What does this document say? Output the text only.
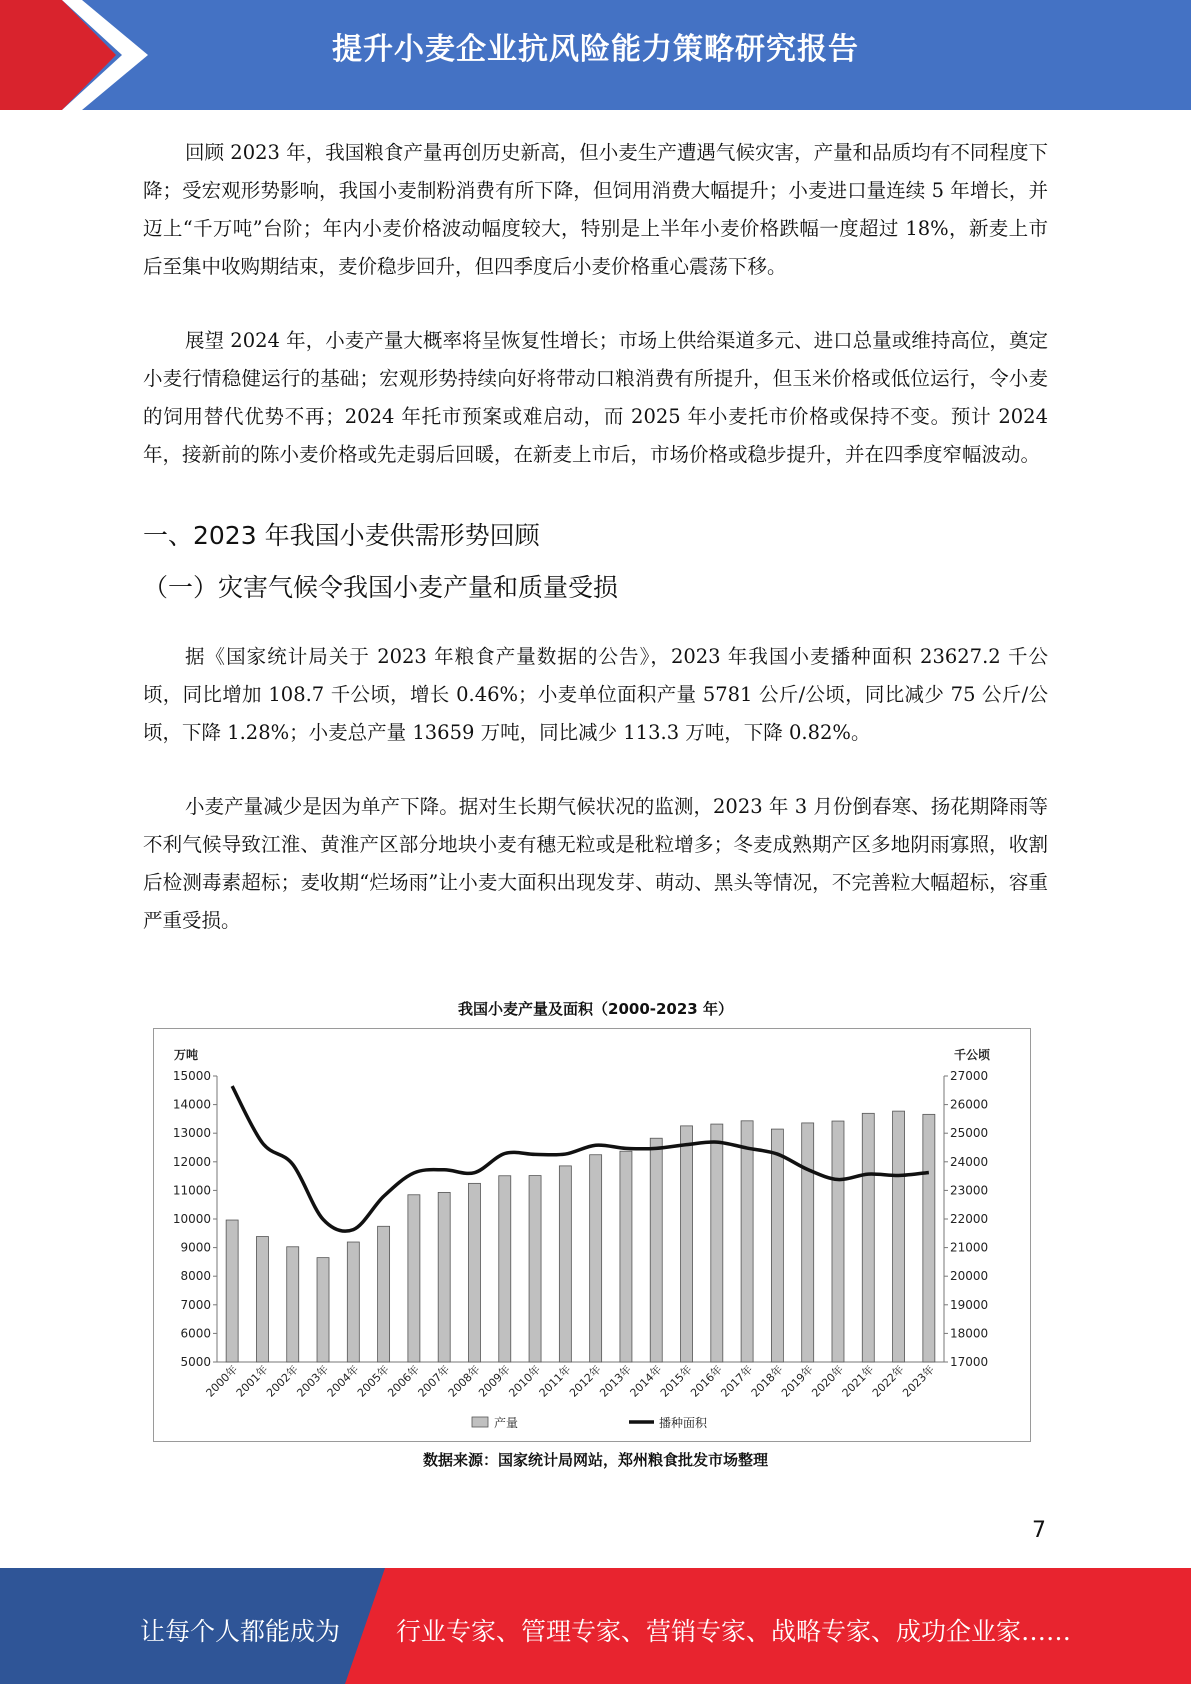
提升小麦企业抗风险能力策略研究报告

回顾 2023 年，我国粮食产量再创历史新高，但小麦生产遭遇气候灾害，产量和品质均有不同程度下降；受宏观形势影响，我国小麦制粉消费有所下降，但饲用消费大幅提升；小麦进口量连续 5 年增长，并迈上“千万吨”台阶；年内小麦价格波动幅度较大，特别是上半年小麦价格跌幅一度超过 18%，新麦上市后至集中收购期结束，麦价稳步回升，但四季度后小麦价格重心震荡下移。

展望 2024 年，小麦产量大概率将呈恢复性增长；市场上供给渠道多元、进口总量或维持高位，奠定小麦行情稳健运行的基础；宏观形势持续向好将带动口粮消费有所提升，但玉米价格或低位运行，令小麦的饲用替代优势不再；2024 年托市预案或难启动，而 2025 年小麦托市价格或保持不变。预计 2024 年，接新前的陈小麦价格或先走弱后回暖，在新麦上市后，市场价格或稳步提升，并在四季度窄幅波动。

一、2023 年我国小麦供需形势回顾
（一）灾害气候令我国小麦产量和质量受损

据《国家统计局关于 2023 年粮食产量数据的公告》，2023 年我国小麦播种面积 23627.2 千公顷，同比增加 108.7 千公顷，增长 0.46%；小麦单位面积产量 5781 公斤/公顷，同比减少 75 公斤/公顷，下降 1.28%；小麦总产量 13659 万吨，同比减少 113.3 万吨，下降 0.82%。

小麦产量减少是因为单产下降。据对生长期气候状况的监测，2023 年 3 月份倒春寒、扬花期降雨等不利气候导致江淮、黄淮产区部分地块小麦有穗无粒或是秕粒增多；冬麦成熟期产区多地阴雨寡照，收割后检测毒素超标；麦收期“烂场雨”让小麦大面积出现发芽、萌动、黑头等情况，不完善粒大幅超标，容重严重受损。

我国小麦产量及面积（2000-2023 年）
万吨	千公顷
5000
6000
7000
8000
9000
10000
11000
12000
13000
14000
15000
17000
18000
19000
20000
21000
22000
23000
24000
25000
26000
27000
2000年
2001年
2002年
2003年
2004年
2005年
2006年
2007年
2008年
2009年
2010年
2011年
2012年
2013年
2014年
2015年
2016年
2017年
2018年
2019年
2020年
2021年
2022年
2023年
产量	播种面积
数据来源：国家统计局网站，郑州粮食批发市场整理
7
让每个人都能成为 行业专家、管理专家、营销专家、战略专家、成功企业家……
